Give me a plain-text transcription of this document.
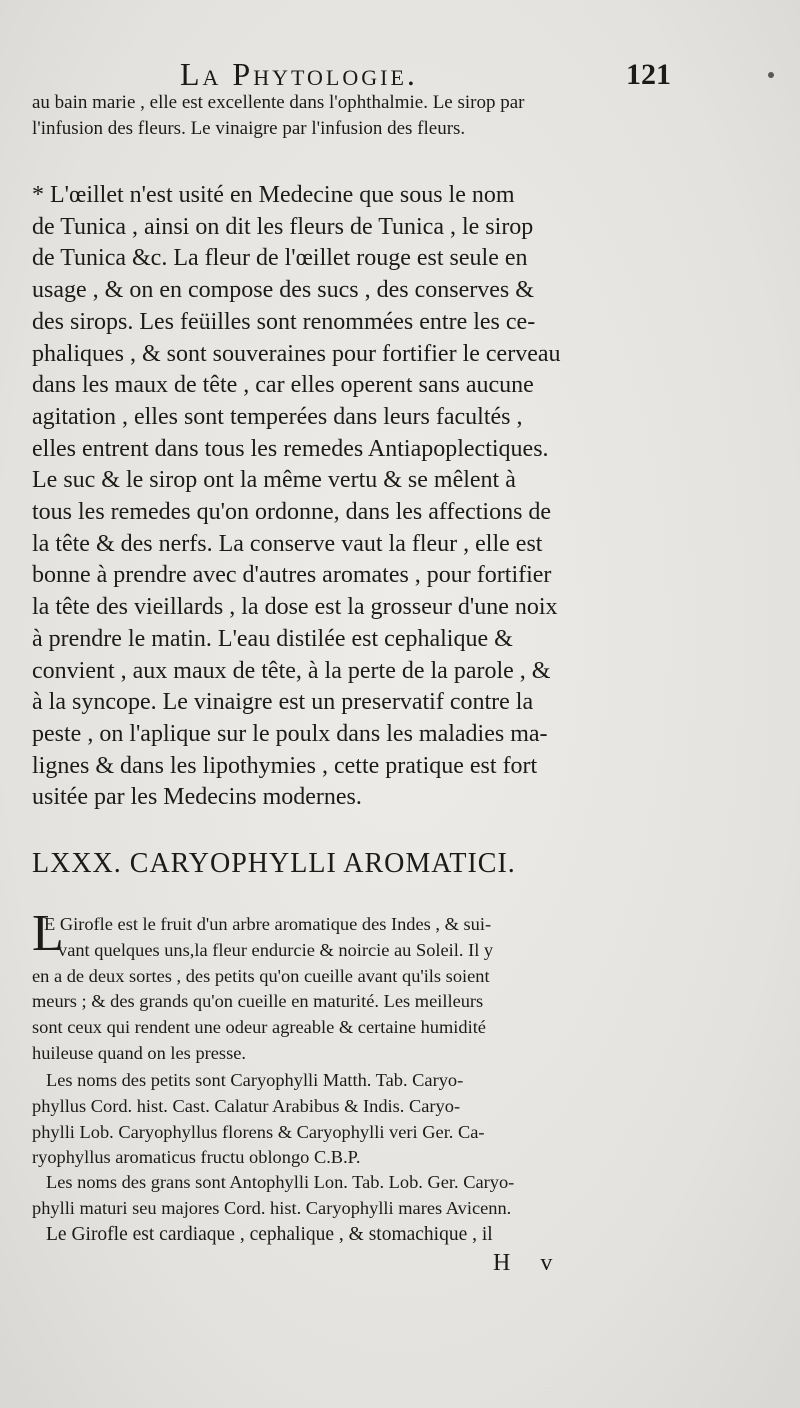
La Phytologie.	121
au bain marie , elle est excellente dans l'ophthalmie. Le sirop par
l'infusion des fleurs. Le vinaigre par l'infusion des fleurs.
* L'œillet n'est usité en Medecine que sous le nom
de Tunica , ainsi on dit les fleurs de Tunica , le sirop
de Tunica &c. La fleur de l'œillet rouge est seule en
usage , & on en compose des sucs , des conserves &
des sirops. Les feüilles sont renommées entre les ce-
phaliques , & sont souveraines pour fortifier le cerveau
dans les maux de tête , car elles operent sans aucune
agitation , elles sont temperées dans leurs facultés ,
elles entrent dans tous les remedes Antiapoplectiques.
Le suc & le sirop ont la même vertu & se mêlent à
tous les remedes qu'on ordonne, dans les affections de
la tête & des nerfs. La conserve vaut la fleur , elle est
bonne à prendre avec d'autres aromates , pour fortifier
la tête des vieillards , la dose est la grosseur d'une noix
à prendre le matin. L'eau distilée est cephalique &
convient , aux maux de tête, à la perte de la parole , &
à la syncope. Le vinaigre est un preservatif contre la
peste , on l'aplique sur le poulx dans les maladies ma-
lignes & dans les lipothymies , cette pratique est fort
usitée par les Medecins modernes.
LXXX. CARYOPHYLLI AROMATICI.
L
E Girofle est le fruit d'un arbre aromatique des Indes , & sui-
vant quelques uns,la fleur endurcie & noircie au Soleil. Il y
en a de deux sortes , des petits qu'on cueille avant qu'ils soient
meurs ; & des grands qu'on cueille en maturité. Les meilleurs
sont ceux qui rendent une odeur agreable & certaine humidité
huileuse quand on les presse.
Les noms des petits sont Caryophylli Matth. Tab. Caryo-
phyllus Cord. hist. Cast. Calatur Arabibus & Indis. Caryo-
phylli Lob. Caryophyllus florens & Caryophylli veri Ger. Ca-
ryophyllus aromaticus fructu oblongo C.B.P.
Les noms des grans sont Antophylli Lon. Tab. Lob. Ger. Caryo-
phylli maturi seu majores Cord. hist. Caryophylli mares Avicenn.
Le Girofle est cardiaque , cephalique , & stomachique , il
H v
